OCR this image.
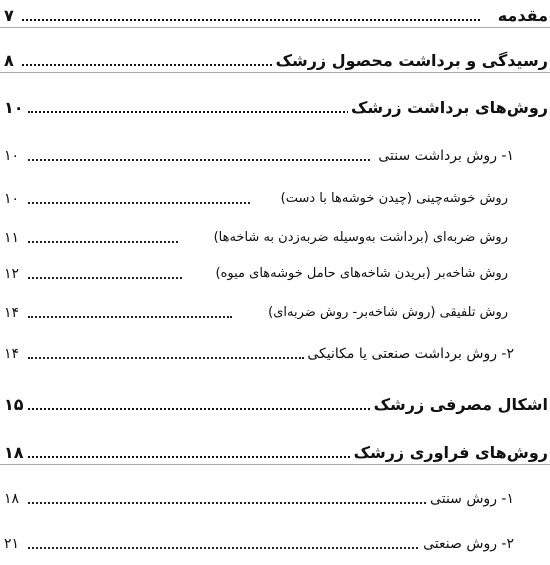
۷	مقدمه
۸	رسیدگی و برداشت محصول زرشک
۱۰	روش‌های برداشت زرشک
۱۰	۱- روش برداشت سنتی
۱۰	روش خوشه‌چینی (چیدن خوشه‌ها با دست)
۱۱	روش ضربه‌ای (برداشت به‌وسیله ضربه‌زدن به شاخه‌ها)
۱۲	روش شاخه‌بر (بریدن شاخه‌های حامل خوشه‌های میوه)
۱۴	روش تلفیقی (روش شاخه‌بر- روش ضربه‌ای)
۱۴	۲- روش برداشت صنعتی یا مکانیکی
۱۵	اشکال مصرفی زرشک
۱۸	روش‌های فراوری زرشک
۱۸	۱- روش سنتی
۲۱	۲- روش صنعتی
